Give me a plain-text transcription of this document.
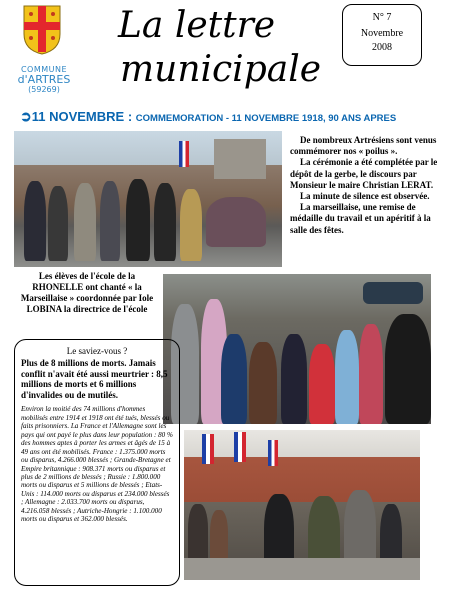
COMMUNE
d'ARTRES
(59269)
La lettre
municipale
N° 7
Novembre
2008
➲11 NOVEMBRE : COMMEMORATION - 11 NOVEMBRE 1918, 90 ANS APRES

De nombreux Artrésiens sont venus commémorer nos « poilus ».

La cérémonie a été complétée par le dépôt de la gerbe, le discours par Monsieur le maire Christian LERAT.

La minute de silence est observée.

La marseillaise, une remise de médaille du travail et un apéritif à la salle des fêtes.

Les élèves de l'école de la RHONELLE ont chanté « la Marseillaise » coordonnée par Iole LOBINA la directrice de l'école
Le saviez-vous ?
Plus de 8 millions de morts. Jamais conflit n'avait été aussi meurtrier : 8,5 millions de morts et 6 millions d'invalides ou de mutilés.
Environ la moitié des 74 millions d'hommes mobilisés entre 1914 et 1918 ont été tués, blessés ou faits prisonniers. La France et l'Allemagne sont les pays qui ont payé le plus dans leur population : 80 % des hommes aptes à porter les armes et âgés de 15 à 49 ans ont été mobilisés. France : 1.375.000 morts ou disparus, 4.266.000 blessés ; Grande-Bretagne et Empire britannique : 908.371 morts ou disparus et plus de 2 millions de blessés ; Russie : 1.800.000 morts ou disparus et 5 millions de blessés ; Etats-Unis : 114.000 morts ou disparus et 234.000 blessés ; Allemagne : 2.033.700 morts ou disparus, 4.216.058 blessés ; Autriche-Hongrie : 1.100.000 morts ou disparus et 362.000 blessés.
